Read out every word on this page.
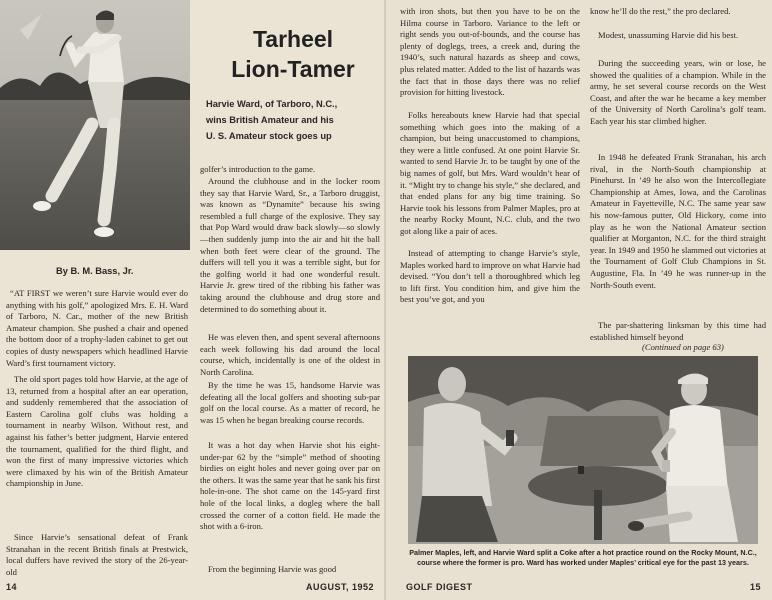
Tarheel

Lion-Tamer

Harvie Ward, of Tarboro, N.C.,

wins British Amateur and his

U. S. Amateur stock goes up

By B. M. Bass, Jr.

“AT FIRST we weren’t sure Harvie would ever do anything with his golf,” apologized Mrs. E. H. Ward of Tarboro, N. Car., mother of the new British Amateur champion. She pushed a chair and opened the bottom door of a trophy-laden cabinet to get out copies of dusty newspapers which headlined Harvie Ward’s first tournament victory.

The old sport pages told how Harvie, at the age of 13, returned from a hospital after an ear operation, and suddenly remembered that the association of Eastern Carolina golf clubs was holding a tournament in nearby Wilson. Without rest, and against his father’s better judgment, Harvie entered the tournament, qualified for the third flight, and won the first of many impressive victories which were climaxed by his win of the British Amateur championship in June.

Since Harvie’s sensational defeat of Frank Stranahan in the recent British finals at Prestwick, local duffers have revived the story of the 26-year-old

golfer’s introduction to the game.

Around the clubhouse and in the locker room they say that Harvie Ward, Sr., a Tarboro druggist, was known as “Dynamite” because his swing resembled a full charge of the explosive. They say that Pop Ward would draw back slowly—so slowly—then suddenly jump into the air and hit the ball when both feet were clear of the ground. The duffers will tell you it was a terrible sight, but for the golfing world it had one wonderful result. Harvie Jr. grew tired of the ribbing his father was taking around the clubhouse and drug store and determined to do something about it.

He was eleven then, and spent several afternoons each week following his dad around the local course, which, incidentally is one of the oldest in North Carolina.

By the time he was 15, handsome Harvie was defeating all the local golfers and shooting sub-par golf on the local course. As a matter of record, he was 15 when he began breaking course records.

It was a hot day when Harvie shot his eight-under-par 62 by the “simple” method of shooting birdies on eight holes and never going over par on the others. It was the same year that he sank his first hole-in-one. The shot came on the 145-yard first hole of the local links, a dogleg where the ball crossed the corner of a cotton field. He made the shot with a 6-iron.

From the beginning Harvie was good

14	AUGUST, 1952

with iron shots, but then you have to be on the Hilma course in Tarboro. Variance to the left or right sends you out-of-bounds, and the course has plenty of doglegs, trees, a creek and, during the 1940’s, such natural hazards as sheep and cows, plus related matter. Added to the list of hazards was the fact that in those days there was no relief provision for hitting livestock.

Folks hereabouts knew Harvie had that special something which goes into the making of a champion, but being unaccustomed to champions, they were a little confused. At one point Harvie Sr. wanted to send Harvie Jr. to be taught by one of the big names of golf, but Mrs. Ward wouldn’t hear of it. “Might try to change his style,” she declared, and that ended plans for any big time training. So Harvie took his lessons from Palmer Maples, pro at the nearby Rocky Mount, N.C. club, and the two got along like a pair of aces.

Instead of attempting to change Harvie’s style, Maples worked hard to improve on what Harvie had devised. “You don’t tell a thoroughbred which leg to lift first. You condition him, and give him the best you’ve got, and you

know he’ll do the rest,” the pro declared.

Modest, unassuming Harvie did his best.

During the succeeding years, win or lose, he showed the qualities of a champion. While in the army, he set several course records on the West Coast, and after the war he became a key member of the University of North Carolina’s golf team. Each year his star climbed higher.

In 1948 he defeated Frank Stranahan, his arch rival, in the North-South championship at Pinehurst. In ’49 he also won the Intercollegiate Championship at Ames, Iowa, and the Carolinas Amateur in Fayetteville, N.C. The same year saw his now-famous putter, Old Hickory, come into play as he won the National Amateur section qualifier at Morganton, N.C. for the third straight year. In 1949 and 1950 he slammed out victories at the Tournament of Golf Club Champions in St. Augustine, Fla. In ’49 he was runner-up in the North-South event.

The par-shattering linksman by this time had established himself beyond

(Continued on page 63)

Palmer Maples, left, and Harvie Ward split a Coke after a hot practice round on the Rocky Mount, N.C., course where the former is pro. Ward has worked under Maples’ critical eye for the past 13 years.

GOLF DIGEST	15
